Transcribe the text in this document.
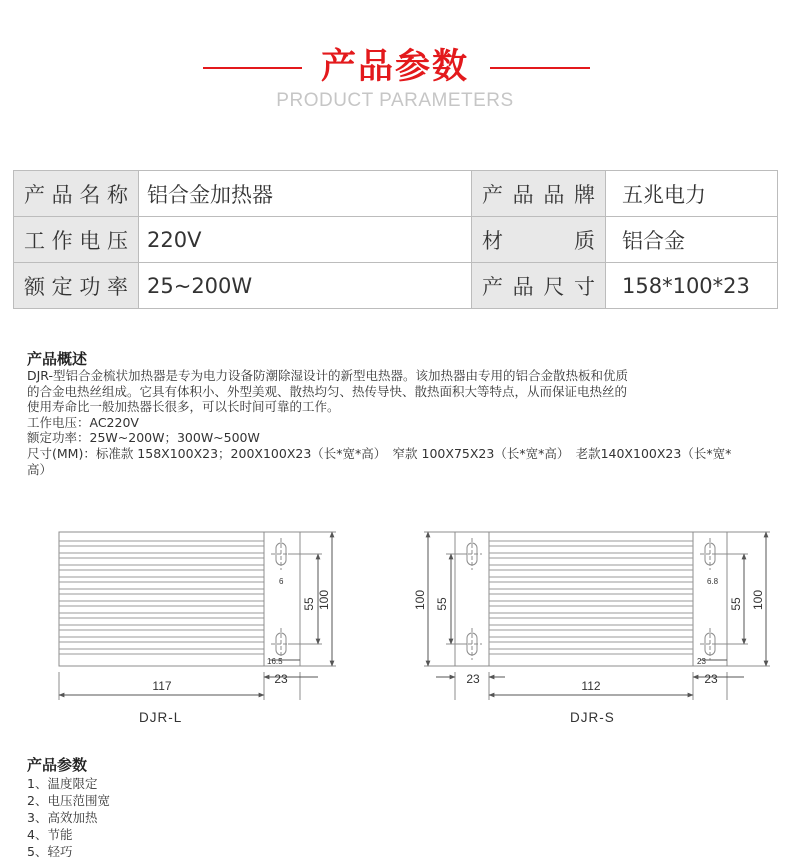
产品参数
PRODUCT PARAMETERS
产品名称	铝合金加热器	产品品牌	五兆电力
工作电压	220V	材　　质	铝合金
额定功率	25~200W	产品尺寸	158*100*23
产品概述
DJR-型铝合金梳状加热器是专为电力设备防潮除湿设计的新型电热器。该加热器由专用的铝合金散热板和优质
的合金电热丝组成。它具有体积小、外型美观、散热均匀、热传导快、散热面积大等特点，从而保证电热丝的
使用寿命比一般加热器长很多，可以长时间可靠的工作。
工作电压：AC220V
额定功率：25W~200W；300W~500W
尺寸(MM)：标准款 158X100X23；200X100X23（长*宽*高）　窄款 100X75X23（长*宽*高）　老款140X100X23（长*宽*高）
6
16.5
55 100
117	23
100 55	55 100
6.8
23
23	112	23
DJR-L	DJR-S
产品参数
1、温度限定
2、电压范围宽
3、高效加热
4、节能
5、轻巧
